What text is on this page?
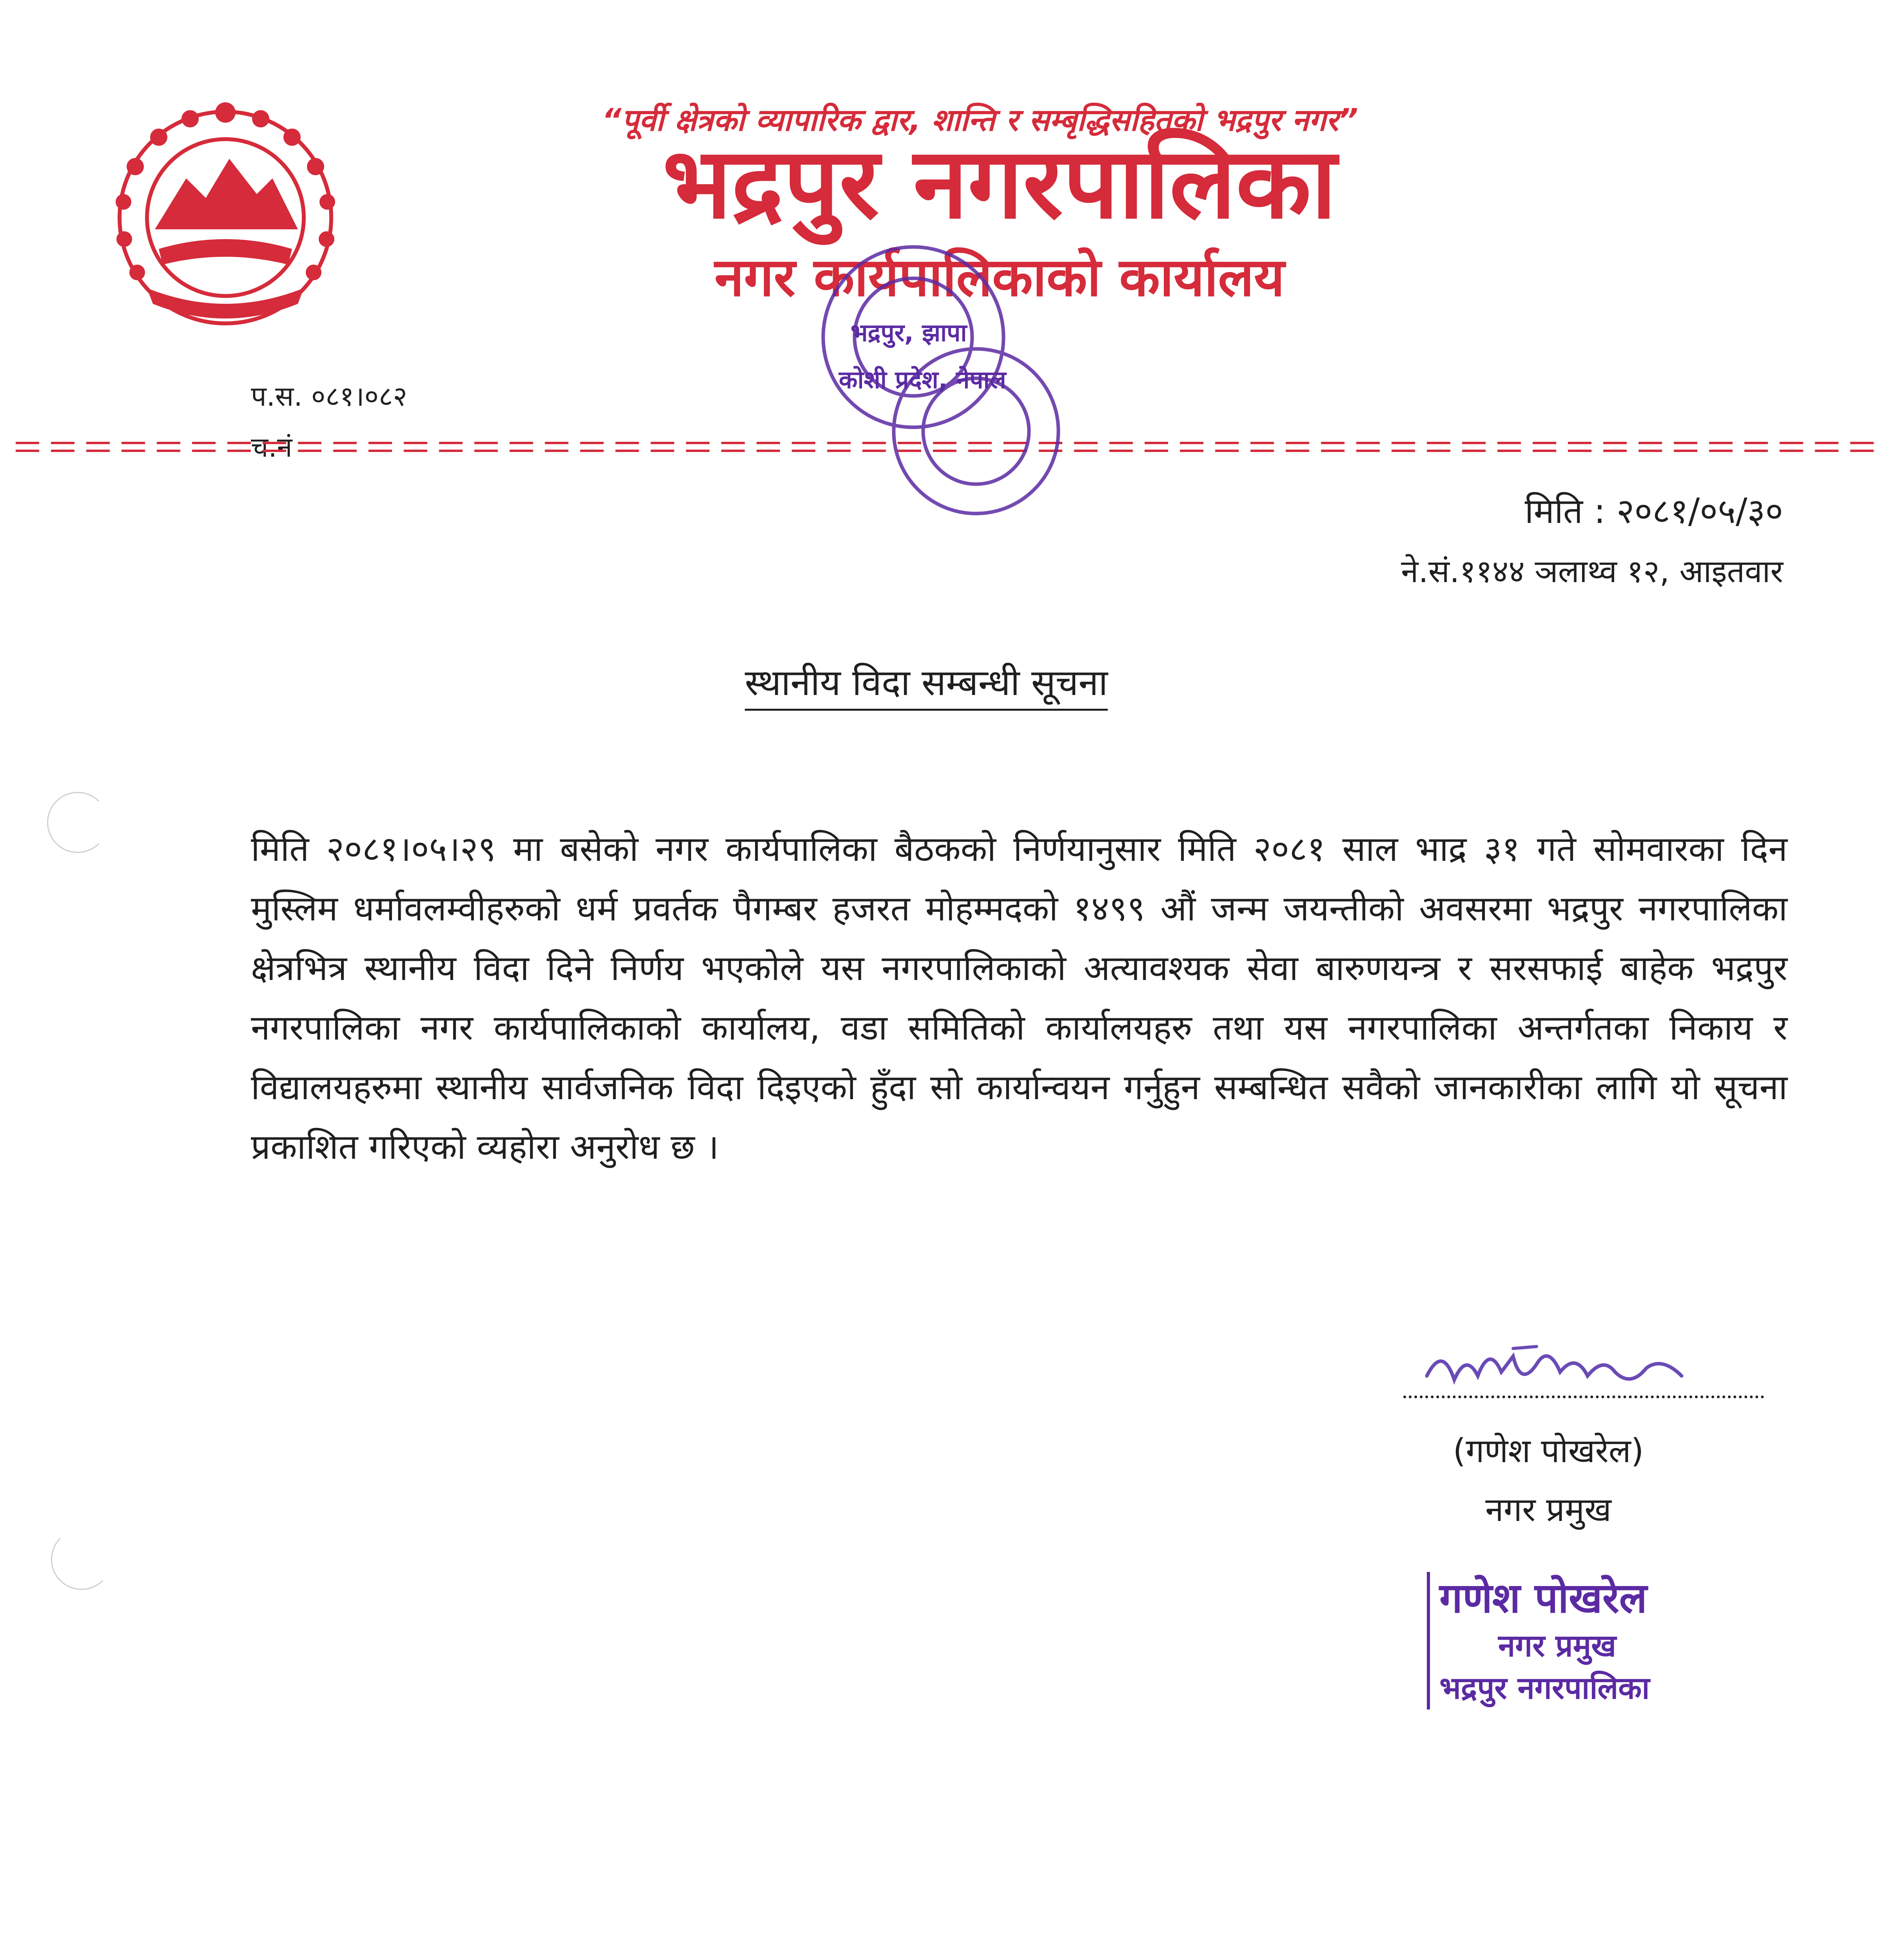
“पूर्वी क्षेत्रको व्यापारिक द्वार, शान्ति र सम्बृद्धिसहितको भद्रपुर नगर”
भद्रपुर नगरपालिका
नगर कार्यपालिकाको कार्यालय
प.स. ०८१।०८२
च.नं
भद्रपुर, झापा
कोशी प्रदेश, नेपाल
मिति : २०८१/०५/३०
ने.सं.११४४ ञलाथ्व १२, आइतवार
स्थानीय विदा सम्बन्धी सूचना
मिति २०८१।०५।२९ मा बसेको नगर कार्यपालिका बैठकको निर्णयानुसार मिति २०८१ साल भाद्र ३१ गते सोमवारका दिन मुस्लिम धर्मावलम्वीहरुको धर्म प्रवर्तक पैगम्बर हजरत मोहम्मदको १४९९ औं जन्म जयन्तीको अवसरमा भद्रपुर नगरपालिका क्षेत्रभित्र स्थानीय विदा दिने निर्णय भएकोले यस नगरपालिकाको अत्यावश्यक सेवा बारुणयन्त्र र सरसफाई बाहेक भद्रपुर नगरपालिका नगर कार्यपालिकाको कार्यालय, वडा समितिको कार्यालयहरु तथा यस नगरपालिका अन्तर्गतका निकाय र विद्यालयहरुमा स्थानीय सार्वजनिक विदा दिइएको हुँदा सो कार्यान्वयन गर्नुहुन सम्बन्धित सवैको जानकारीका लागि यो सूचना प्रकाशित गरिएको व्यहोरा अनुरोध छ ।
(गणेश पोखरेल)
नगर प्रमुख
गणेश पोखरेल
नगर प्रमुख
भद्रपुर नगरपालिका
